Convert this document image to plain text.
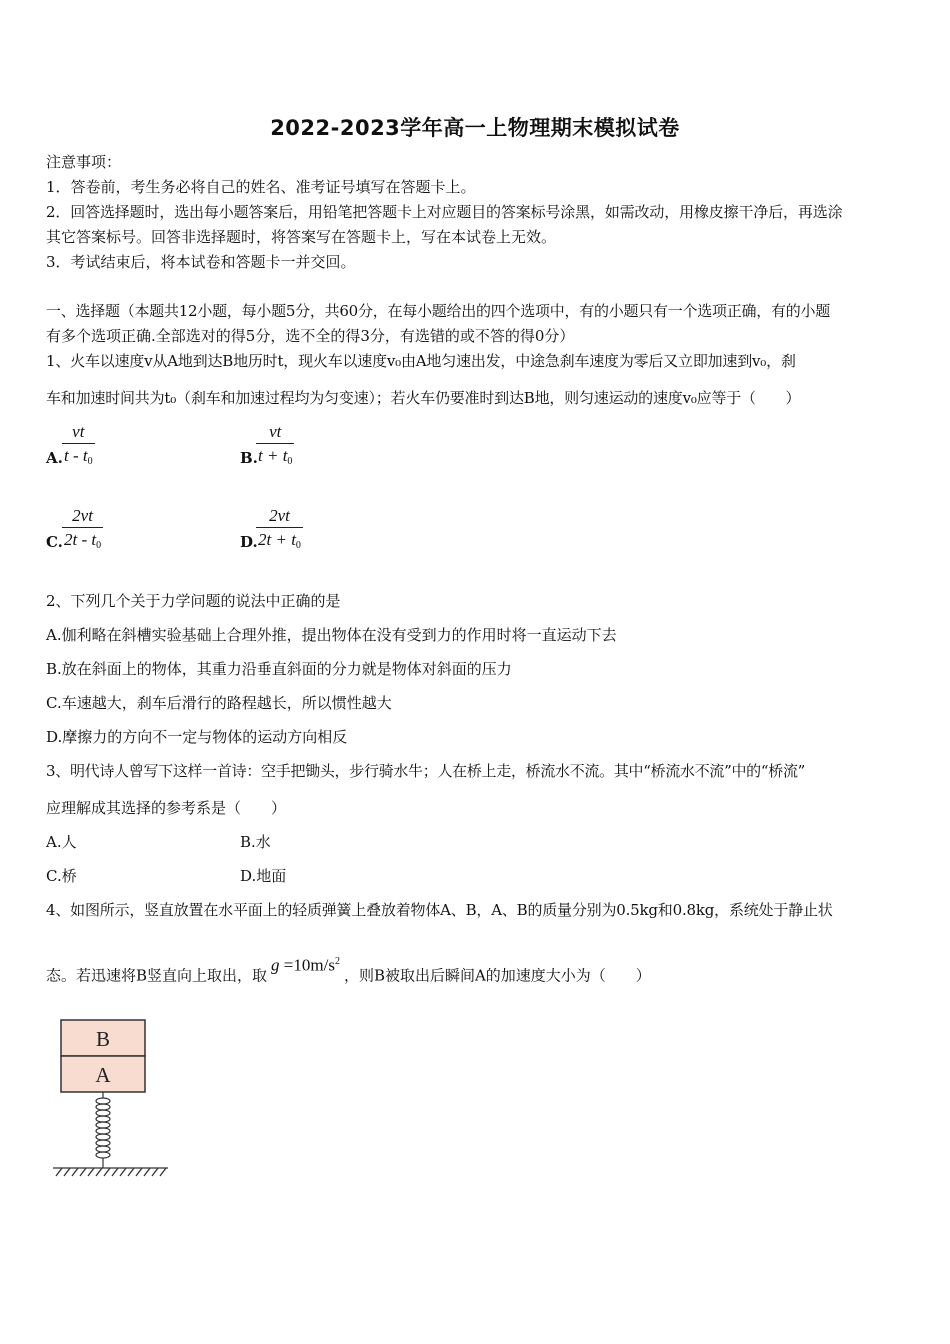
2022-2023学年高一上物理期末模拟试卷
注意事项：
1．答卷前，考生务必将自己的姓名、准考证号填写在答题卡上。
2．回答选择题时，选出每小题答案后，用铅笔把答题卡上对应题目的答案标号涂黑，如需改动，用橡皮擦干净后，再选涂
其它答案标号。回答非选择题时，将答案写在答题卡上，写在本试卷上无效。
3．考试结束后，将本试卷和答题卡一并交回。
一、选择题（本题共12小题，每小题5分，共60分，在每小题给出的四个选项中，有的小题只有一个选项正确，有的小题
有多个选项正确.全部选对的得5分，选不全的得3分，有选错的或不答的得0分）
1、火车以速度v从A地到达B地历时t，现火车以速度v₀由A地匀速出发，中途急刹车速度为零后又立即加速到v₀，刹
车和加速时间共为t₀（刹车和加速过程均为匀变速）；若火车仍要准时到达B地，则匀速运动的速度v₀应等于（　　）
A.
vt
t - $t_0$	B.
vt
$t + t_0$
C.
2vt
$2t - t_0$	D.
2vt
$2t + t_0$
2、下列几个关于力学问题的说法中正确的是
A.伽利略在斜槽实验基础上合理外推，提出物体在没有受到力的作用时将一直运动下去
B.放在斜面上的物体，其重力沿垂直斜面的分力就是物体对斜面的压力
C.车速越大，刹车后滑行的路程越长，所以惯性越大
D.摩擦力的方向不一定与物体的运动方向相反
3、明代诗人曾写下这样一首诗：空手把锄头，步行骑水牛；人在桥上走，桥流水不流。其中“桥流水不流”中的“桥流”
应理解成其选择的参考系是（　　）
A.人	B.水
C.桥	D.地面
4、如图所示，竖直放置在水平面上的轻质弹簧上叠放着物体A、B，A、B的质量分别为0.5kg和0.8kg，系统处于静止状
态。若迅速将B竖直向上取出，取$g =10m/s^2$，则B被取出后瞬间A的加速度大小为（　　）
B
A
